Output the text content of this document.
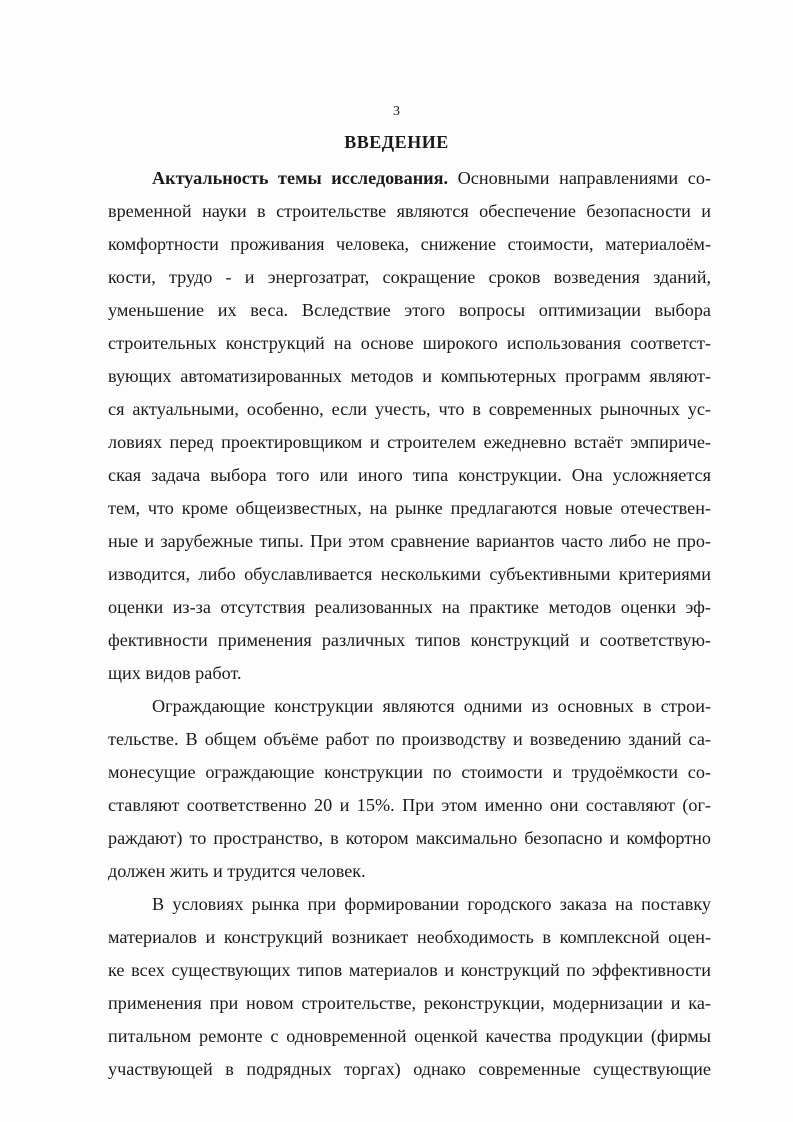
3
ВВЕДЕНИЕ
Актуальность темы исследования. Основными направлениями со-
временной науки в строительстве являются обеспечение безопасности и
комфортности проживания человека, снижение стоимости, материалоём-
кости, трудо - и энергозатрат, сокращение сроков возведения зданий,
уменьшение их веса. Вследствие этого вопросы оптимизации выбора
строительных конструкций на основе широкого использования соответст-
вующих автоматизированных методов и компьютерных программ являют-
ся актуальными, особенно, если учесть, что в современных рыночных ус-
ловиях перед проектировщиком и строителем ежедневно встаёт эмпириче-
ская задача выбора того или иного типа конструкции. Она усложняется
тем, что кроме общеизвестных, на рынке предлагаются новые отечествен-
ные и зарубежные типы. При этом сравнение вариантов часто либо не про-
изводится, либо обуславливается несколькими субъективными критериями
оценки из-за отсутствия реализованных на практике методов оценки эф-
фективности применения различных типов конструкций и соответствую-
щих видов работ.
Ограждающие конструкции являются одними из основных в строи-
тельстве. В общем объёме работ по производству и возведению зданий са-
монесущие ограждающие конструкции по стоимости и трудоёмкости со-
ставляют соответственно 20 и 15%. При этом именно они составляют (ог-
раждают) то пространство, в котором максимально безопасно и комфортно
должен жить и трудится человек.
В условиях рынка при формировании городского заказа на поставку
материалов и конструкций возникает необходимость в комплексной оцен-
ке всех существующих типов материалов и конструкций по эффективности
применения при новом строительстве, реконструкции, модернизации и ка-
питальном ремонте с одновременной оценкой качества продукции (фирмы
участвующей в подрядных торгах) однако современные существующие
